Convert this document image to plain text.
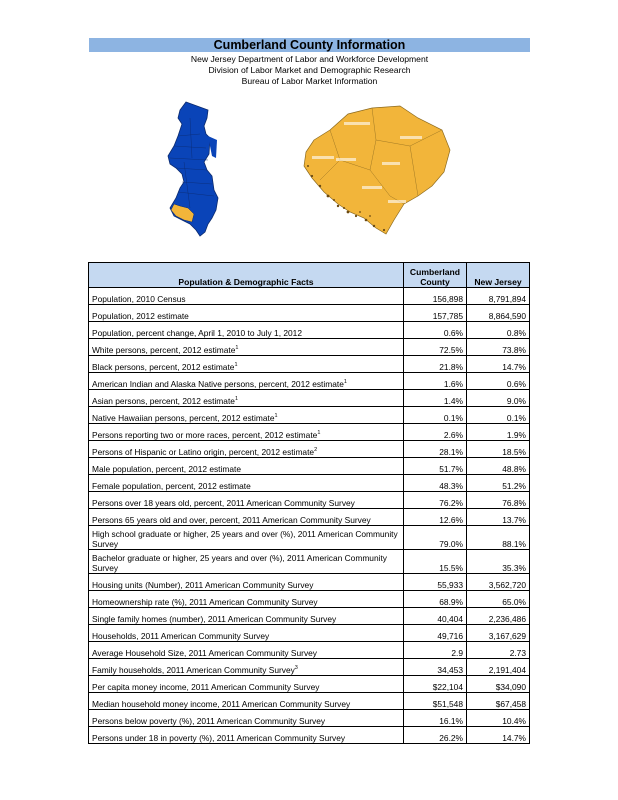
Cumberland County Information
New Jersey Department of Labor and Workforce Development
Division of Labor Market and Demographic Research
Bureau of Labor Market Information
Population & Demographic Facts	Cumberland County	New Jersey
Population, 2010 Census	156,898	8,791,894
Population, 2012 estimate	157,785	8,864,590
Population, percent change, April 1, 2010 to July 1, 2012	0.6%	0.8%
White persons, percent, 2012 estimate$^1$	72.5%	73.8%
Black persons, percent, 2012 estimate$^1$	21.8%	14.7%
American Indian and Alaska Native persons, percent, 2012 estimate$^1$	1.6%	0.6%
Asian persons, percent, 2012 estimate$^1$	1.4%	9.0%
Native Hawaiian persons, percent, 2012 estimate$^1$	0.1%	0.1%
Persons reporting two or more races, percent, 2012 estimate$^1$	2.6%	1.9%
Persons of Hispanic or Latino origin, percent, 2012 estimate$^2$	28.1%	18.5%
Male population, percent, 2012 estimate	51.7%	48.8%
Female population, percent, 2012 estimate	48.3%	51.2%
Persons over 18 years old, percent, 2011 American Community Survey	76.2%	76.8%
Persons 65 years old and over, percent, 2011 American Community Survey	12.6%	13.7%
High school graduate or higher, 25 years and over (%), 2011 American Community Survey	79.0%	88.1%
Bachelor graduate or higher, 25 years and over (%), 2011 American Community Survey	15.5%	35.3%
Housing units (Number), 2011 American Community Survey	55,933	3,562,720
Homeownership rate (%), 2011 American Community Survey	68.9%	65.0%
Single family homes (number), 2011 American Community Survey	40,404	2,236,486
Households, 2011 American Community Survey	49,716	3,167,629
Average Household Size, 2011 American Community Survey	2.9	2.73
Family households, 2011 American Community Survey$^3$	34,453	2,191,404
Per capita money income, 2011 American Community Survey	$22,104	$34,090
Median household money income, 2011 American Community Survey	$51,548	$67,458
Persons below poverty (%), 2011 American Community Survey	16.1%	10.4%
Persons under 18 in poverty (%), 2011 American Community Survey	26.2%	14.7%
